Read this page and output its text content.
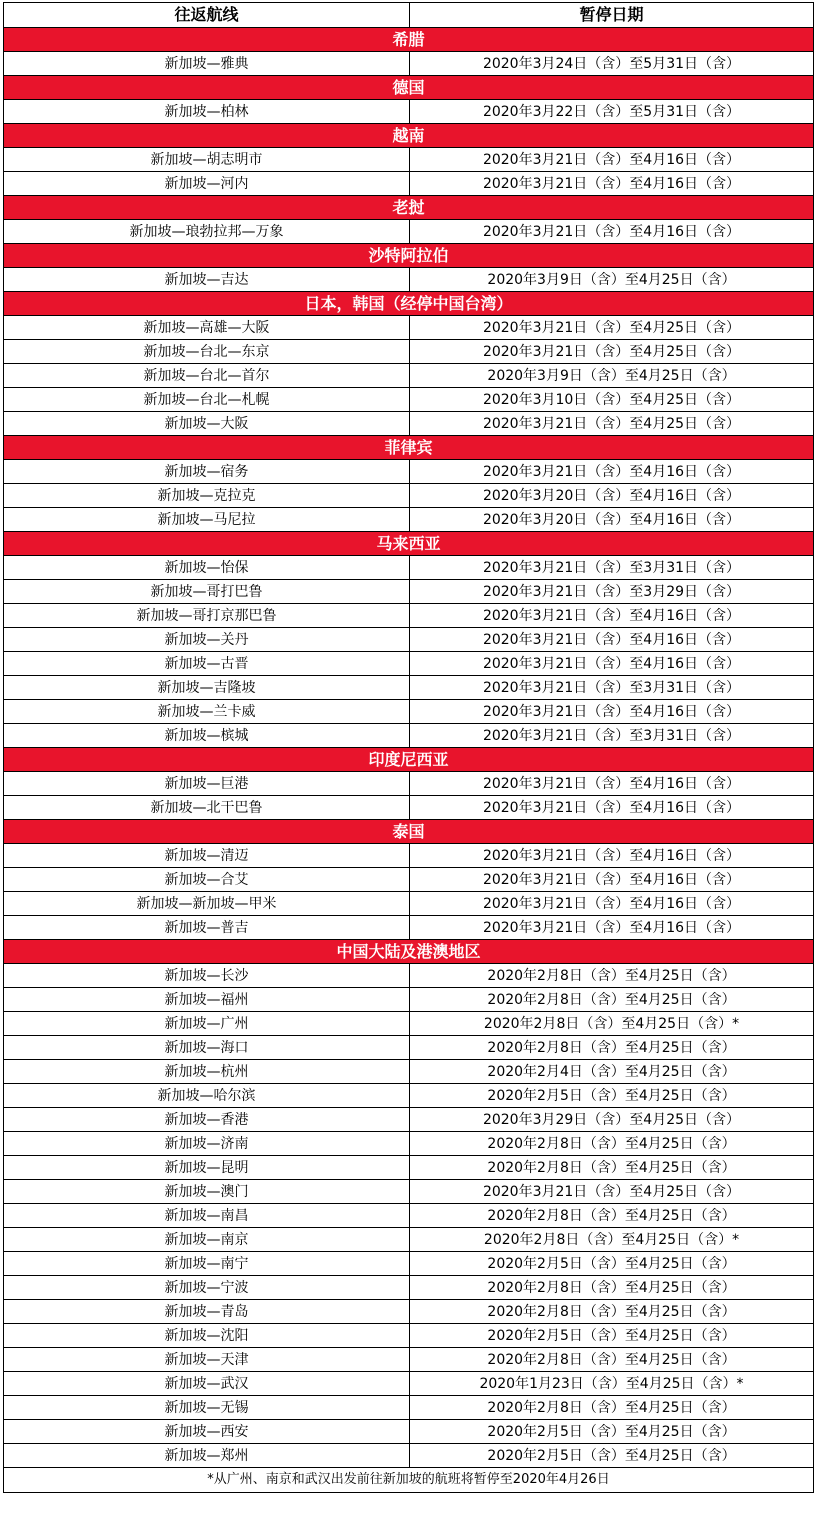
往返航线	暂停日期
希腊	
新加坡—雅典	2020年3月24日（含）至5月31日（含）
德国	
新加坡—柏林	2020年3月22日（含）至5月31日（含）
越南	
新加坡—胡志明市	2020年3月21日（含）至4月16日（含）
新加坡—河内	2020年3月21日（含）至4月16日（含）
老挝	
新加坡—琅勃拉邦—万象	2020年3月21日（含）至4月16日（含）
沙特阿拉伯	
新加坡—吉达	2020年3月9日（含）至4月25日（含）
日本，韩国（经停中国台湾）	
新加坡—高雄—大阪	2020年3月21日（含）至4月25日（含）
新加坡—台北—东京	2020年3月21日（含）至4月25日（含）
新加坡—台北—首尔	2020年3月9日（含）至4月25日（含）
新加坡—台北—札幌	2020年3月10日（含）至4月25日（含）
新加坡—大阪	2020年3月21日（含）至4月25日（含）
菲律宾	
新加坡—宿务	2020年3月21日（含）至4月16日（含）
新加坡—克拉克	2020年3月20日（含）至4月16日（含）
新加坡—马尼拉	2020年3月20日（含）至4月16日（含）
马来西亚	
新加坡—怡保	2020年3月21日（含）至3月31日（含）
新加坡—哥打巴鲁	2020年3月21日（含）至3月29日（含）
新加坡—哥打京那巴鲁	2020年3月21日（含）至4月16日（含）
新加坡—关丹	2020年3月21日（含）至4月16日（含）
新加坡—古晋	2020年3月21日（含）至4月16日（含）
新加坡—吉隆坡	2020年3月21日（含）至3月31日（含）
新加坡—兰卡威	2020年3月21日（含）至4月16日（含）
新加坡—槟城	2020年3月21日（含）至3月31日（含）
印度尼西亚	
新加坡—巨港	2020年3月21日（含）至4月16日（含）
新加坡—北干巴鲁	2020年3月21日（含）至4月16日（含）
泰国	
新加坡—清迈	2020年3月21日（含）至4月16日（含）
新加坡—合艾	2020年3月21日（含）至4月16日（含）
新加坡—新加坡—甲米	2020年3月21日（含）至4月16日（含）
新加坡—普吉	2020年3月21日（含）至4月16日（含）
中国大陆及港澳地区	
新加坡—长沙	2020年2月8日（含）至4月25日（含）
新加坡—福州	2020年2月8日（含）至4月25日（含）
新加坡—广州	2020年2月8日（含）至4月25日（含）*
新加坡—海口	2020年2月8日（含）至4月25日（含）
新加坡—杭州	2020年2月4日（含）至4月25日（含）
新加坡—哈尔滨	2020年2月5日（含）至4月25日（含）
新加坡—香港	2020年3月29日（含）至4月25日（含）
新加坡—济南	2020年2月8日（含）至4月25日（含）
新加坡—昆明	2020年2月8日（含）至4月25日（含）
新加坡—澳门	2020年3月21日（含）至4月25日（含）
新加坡—南昌	2020年2月8日（含）至4月25日（含）
新加坡—南京	2020年2月8日（含）至4月25日（含）*
新加坡—南宁	2020年2月5日（含）至4月25日（含）
新加坡—宁波	2020年2月8日（含）至4月25日（含）
新加坡—青岛	2020年2月8日（含）至4月25日（含）
新加坡—沈阳	2020年2月5日（含）至4月25日（含）
新加坡—天津	2020年2月8日（含）至4月25日（含）
新加坡—武汉	2020年1月23日（含）至4月25日（含）*
新加坡—无锡	2020年2月8日（含）至4月25日（含）
新加坡—西安	2020年2月5日（含）至4月25日（含）
新加坡—郑州	2020年2月5日（含）至4月25日（含）
*从广州、南京和武汉出发前往新加坡的航班将暂停至2020年4月26日	
